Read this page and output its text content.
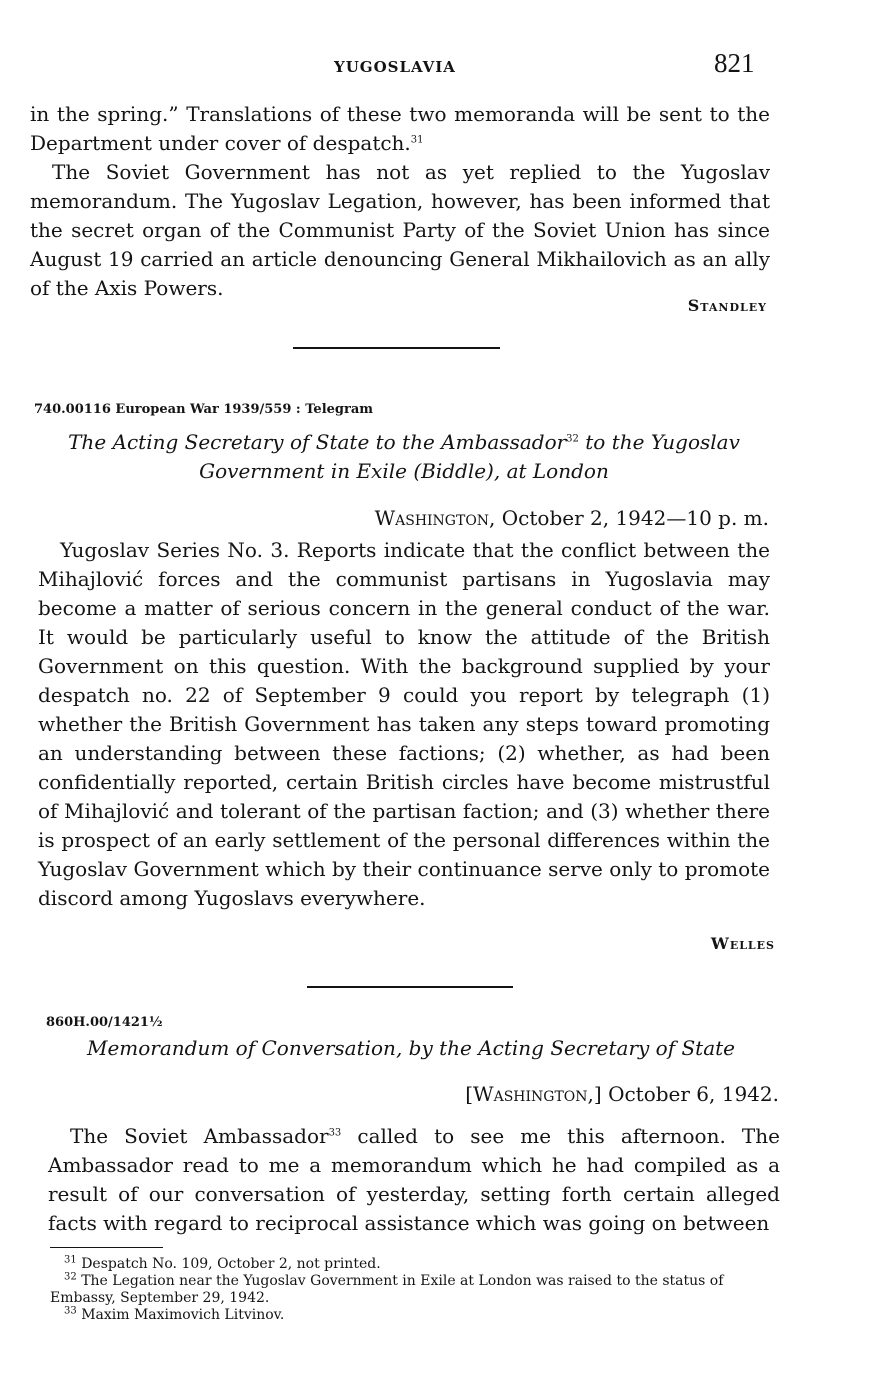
YUGOSLAVIA	821

in the spring.” Translations of these two memoranda will be sent to the Department under cover of despatch.$^{31}$

The Soviet Government has not as yet replied to the Yugoslav memorandum. The Yugoslav Legation, however, has been informed that the secret organ of the Communist Party of the Soviet Union has since August 19 carried an article denouncing General Mikhailovich as an ally of the Axis Powers.

Standley
740.00116 European War 1939/559 : Telegram
The Acting Secretary of State to the Ambassador$^{32}$ to the Yugoslav Government in Exile (Biddle), at London
Washington, October 2, 1942—10 p. m.

Yugoslav Series No. 3. Reports indicate that the conflict between the Mihajlović forces and the communist partisans in Yugoslavia may become a matter of serious concern in the general conduct of the war. It would be particularly useful to know the attitude of the British Government on this question. With the background supplied by your despatch no. 22 of September 9 could you report by telegraph (1) whether the British Government has taken any steps toward promoting an understanding between these factions; (2) whether, as had been confidentially reported, certain British circles have become mistrustful of Mihajlović and tolerant of the partisan faction; and (3) whether there is prospect of an early settlement of the personal differences within the Yugoslav Government which by their continuance serve only to promote discord among Yugoslavs everywhere.

Welles
860H.00/1421½
Memorandum of Conversation, by the Acting Secretary of State
[Washington,] October 6, 1942.

The Soviet Ambassador$^{33}$ called to see me this afternoon. The Ambassador read to me a memorandum which he had compiled as a result of our conversation of yesterday, setting forth certain alleged facts with regard to reciprocal assistance which was going on between

$^{31}$ Despatch No. 109, October 2, not printed.

$^{32}$ The Legation near the Yugoslav Government in Exile at London was raised to the status of Embassy, September 29, 1942.

$^{33}$ Maxim Maximovich Litvinov.
